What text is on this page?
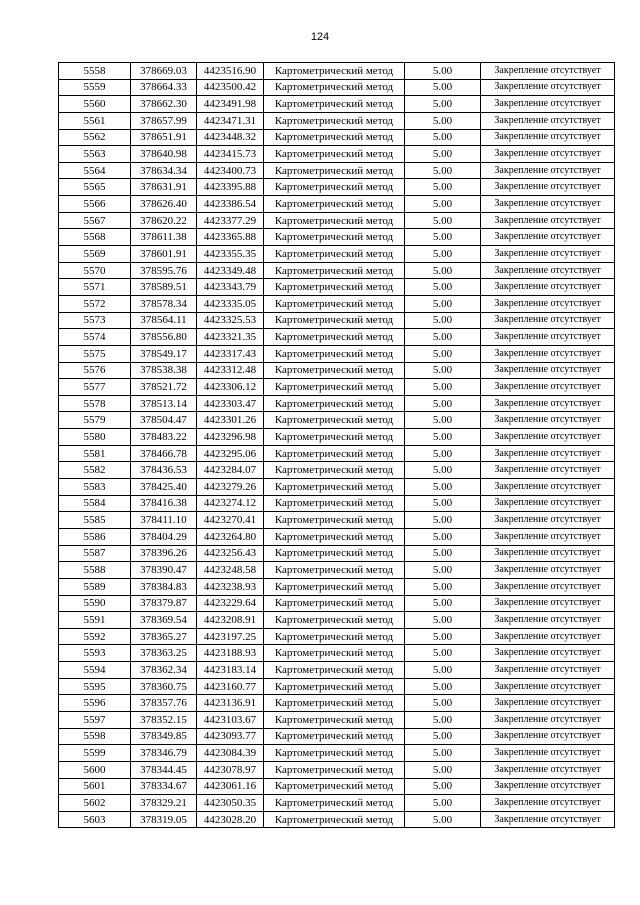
124
5558	378669.03	4423516.90	Картометрический метод	5.00	Закрепление отсутствует
5559	378664.33	4423500.42	Картометрический метод	5.00	Закрепление отсутствует
5560	378662.30	4423491.98	Картометрический метод	5.00	Закрепление отсутствует
5561	378657.99	4423471.31	Картометрический метод	5.00	Закрепление отсутствует
5562	378651.91	4423448.32	Картометрический метод	5.00	Закрепление отсутствует
5563	378640.98	4423415.73	Картометрический метод	5.00	Закрепление отсутствует
5564	378634.34	4423400.73	Картометрический метод	5.00	Закрепление отсутствует
5565	378631.91	4423395.88	Картометрический метод	5.00	Закрепление отсутствует
5566	378626.40	4423386.54	Картометрический метод	5.00	Закрепление отсутствует
5567	378620.22	4423377.29	Картометрический метод	5.00	Закрепление отсутствует
5568	378611.38	4423365.88	Картометрический метод	5.00	Закрепление отсутствует
5569	378601.91	4423355.35	Картометрический метод	5.00	Закрепление отсутствует
5570	378595.76	4423349.48	Картометрический метод	5.00	Закрепление отсутствует
5571	378589.51	4423343.79	Картометрический метод	5.00	Закрепление отсутствует
5572	378578.34	4423335.05	Картометрический метод	5.00	Закрепление отсутствует
5573	378564.11	4423325.53	Картометрический метод	5.00	Закрепление отсутствует
5574	378556.80	4423321.35	Картометрический метод	5.00	Закрепление отсутствует
5575	378549.17	4423317.43	Картометрический метод	5.00	Закрепление отсутствует
5576	378538.38	4423312.48	Картометрический метод	5.00	Закрепление отсутствует
5577	378521.72	4423306.12	Картометрический метод	5.00	Закрепление отсутствует
5578	378513.14	4423303.47	Картометрический метод	5.00	Закрепление отсутствует
5579	378504.47	4423301.26	Картометрический метод	5.00	Закрепление отсутствует
5580	378483.22	4423296.98	Картометрический метод	5.00	Закрепление отсутствует
5581	378466.78	4423295.06	Картометрический метод	5.00	Закрепление отсутствует
5582	378436.53	4423284.07	Картометрический метод	5.00	Закрепление отсутствует
5583	378425.40	4423279.26	Картометрический метод	5.00	Закрепление отсутствует
5584	378416.38	4423274.12	Картометрический метод	5.00	Закрепление отсутствует
5585	378411.10	4423270.41	Картометрический метод	5.00	Закрепление отсутствует
5586	378404.29	4423264.80	Картометрический метод	5.00	Закрепление отсутствует
5587	378396.26	4423256.43	Картометрический метод	5.00	Закрепление отсутствует
5588	378390.47	4423248.58	Картометрический метод	5.00	Закрепление отсутствует
5589	378384.83	4423238.93	Картометрический метод	5.00	Закрепление отсутствует
5590	378379.87	4423229.64	Картометрический метод	5.00	Закрепление отсутствует
5591	378369.54	4423208.91	Картометрический метод	5.00	Закрепление отсутствует
5592	378365.27	4423197.25	Картометрический метод	5.00	Закрепление отсутствует
5593	378363.25	4423188.93	Картометрический метод	5.00	Закрепление отсутствует
5594	378362.34	4423183.14	Картометрический метод	5.00	Закрепление отсутствует
5595	378360.75	4423160.77	Картометрический метод	5.00	Закрепление отсутствует
5596	378357.76	4423136.91	Картометрический метод	5.00	Закрепление отсутствует
5597	378352.15	4423103.67	Картометрический метод	5.00	Закрепление отсутствует
5598	378349.85	4423093.77	Картометрический метод	5.00	Закрепление отсутствует
5599	378346.79	4423084.39	Картометрический метод	5.00	Закрепление отсутствует
5600	378344.45	4423078.97	Картометрический метод	5.00	Закрепление отсутствует
5601	378334.67	4423061.16	Картометрический метод	5.00	Закрепление отсутствует
5602	378329.21	4423050.35	Картометрический метод	5.00	Закрепление отсутствует
5603	378319.05	4423028.20	Картометрический метод	5.00	Закрепление отсутствует
